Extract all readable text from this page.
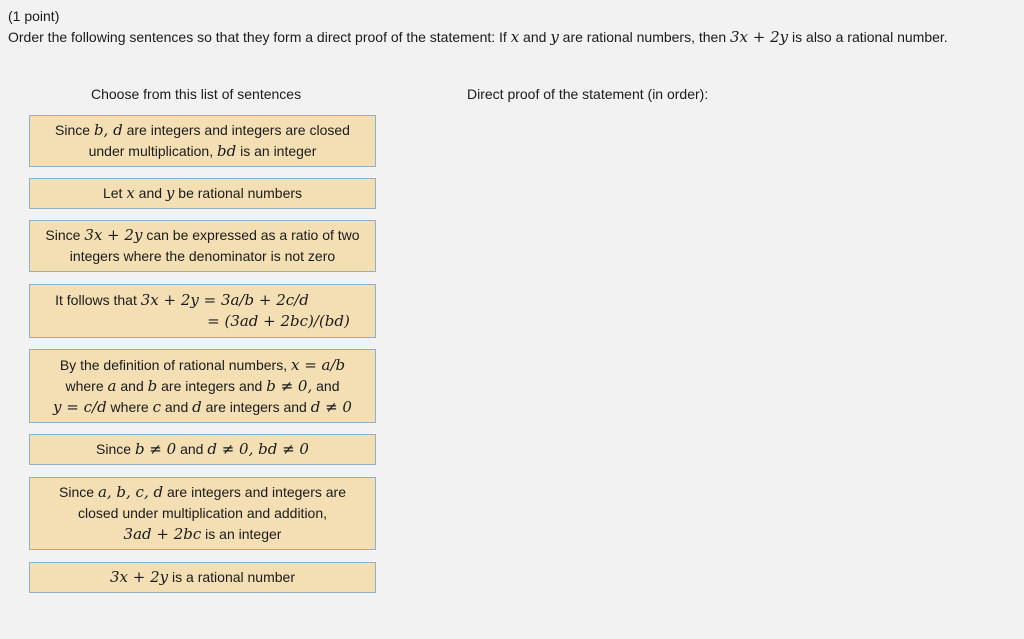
(1 point)
Order the following sentences so that they form a direct proof of the statement: If x and y are rational numbers, then 3x + 2y is also a rational number.
Choose from this list of sentences	Direct proof of the statement (in order):
Since b, d are integers and integers are closed
under multiplication, bd is an integer
Let x and y be rational numbers
Since 3x + 2y can be expressed as a ratio of two
integers where the denominator is not zero
It follows that 3x + 2y = 3a/b + 2c/d
= (3ad + 2bc)/(bd)
By the definition of rational numbers, x = a/b
where a and b are integers and b ≠ 0, and
y = c/d where c and d are integers and d ≠ 0
Since b ≠ 0 and d ≠ 0, bd ≠ 0
Since a, b, c, d are integers and integers are
closed under multiplication and addition,
3ad + 2bc is an integer
3x + 2y is a rational number
